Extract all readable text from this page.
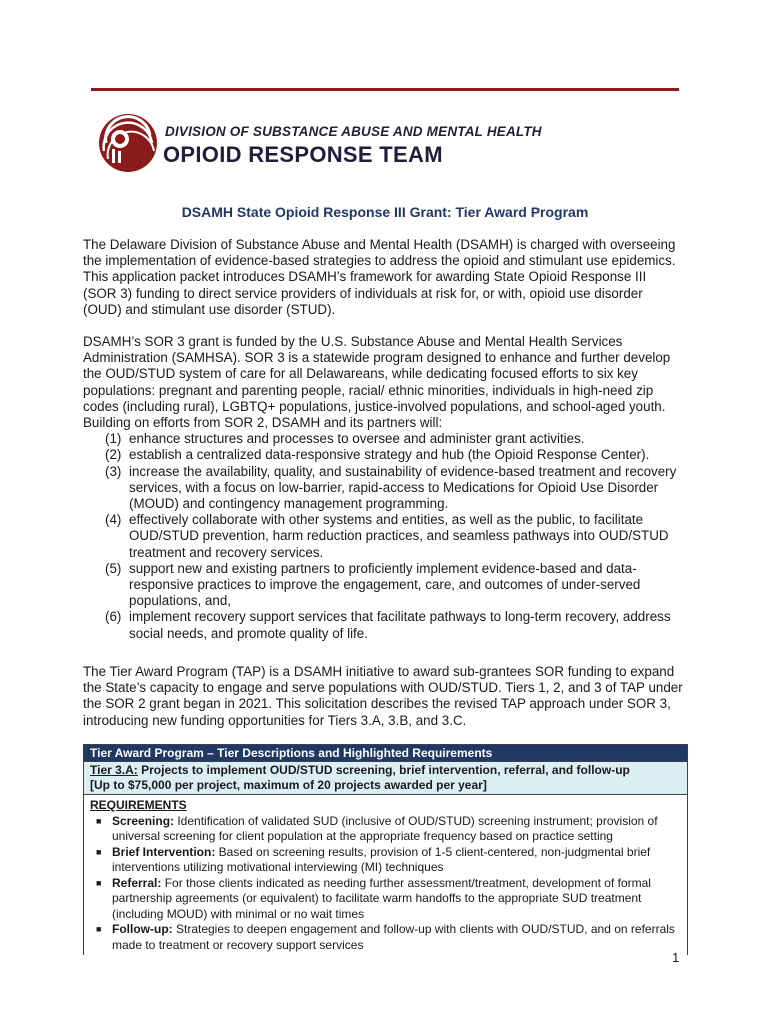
DIVISION OF SUBSTANCE ABUSE AND MENTAL HEALTH
OPIOID RESPONSE TEAM
DSAMH State Opioid Response III Grant: Tier Award Program

The Delaware Division of Substance Abuse and Mental Health (DSAMH) is charged with overseeing the implementation of evidence-based strategies to address the opioid and stimulant use epidemics. This application packet introduces DSAMH’s framework for awarding State Opioid Response III (SOR 3) funding to direct service providers of individuals at risk for, or with, opioid use disorder (OUD) and stimulant use disorder (STUD).

DSAMH’s SOR 3 grant is funded by the U.S. Substance Abuse and Mental Health Services Administration (SAMHSA). SOR 3 is a statewide program designed to enhance and further develop the OUD/STUD system of care for all Delawareans, while dedicating focused efforts to six key populations: pregnant and parenting people, racial/ ethnic minorities, individuals in high-need zip codes (including rural), LGBTQ+ populations, justice-involved populations, and school-aged youth. Building on efforts from SOR 2, DSAMH and its partners will:

(1) enhance structures and processes to oversee and administer grant activities.
(2) establish a centralized data-responsive strategy and hub (the Opioid Response Center).
(3) increase the availability, quality, and sustainability of evidence-based treatment and recovery services, with a focus on low-barrier, rapid-access to Medications for Opioid Use Disorder (MOUD) and contingency management programming.
(4) effectively collaborate with other systems and entities, as well as the public, to facilitate OUD/STUD prevention, harm reduction practices, and seamless pathways into OUD/STUD treatment and recovery services.
(5) support new and existing partners to proficiently implement evidence-based and data-responsive practices to improve the engagement, care, and outcomes of under-served populations, and,
(6) implement recovery support services that facilitate pathways to long-term recovery, address social needs, and promote quality of life.

The Tier Award Program (TAP) is a DSAMH initiative to award sub-grantees SOR funding to expand the State’s capacity to engage and serve populations with OUD/STUD. Tiers 1, 2, and 3 of TAP under the SOR 2 grant began in 2021. This solicitation describes the revised TAP approach under SOR 3, introducing new funding opportunities for Tiers 3.A, 3.B, and 3.C.

Tier Award Program – Tier Descriptions and Highlighted Requirements
Tier 3.A: Projects to implement OUD/STUD screening, brief intervention, referral, and follow-up
[Up to $75,000 per project, maximum of 20 projects awarded per year]
REQUIREMENTS
■ Screening: Identification of validated SUD (inclusive of OUD/STUD) screening instrument; provision of universal screening for client population at the appropriate frequency based on practice setting
■ Brief Intervention: Based on screening results, provision of 1-5 client-centered, non-judgmental brief interventions utilizing motivational interviewing (MI) techniques
■ Referral: For those clients indicated as needing further assessment/treatment, development of formal partnership agreements (or equivalent) to facilitate warm handoffs to the appropriate SUD treatment (including MOUD) with minimal or no wait times
■ Follow-up: Strategies to deepen engagement and follow-up with clients with OUD/STUD, and on referrals made to treatment or recovery support services
1
